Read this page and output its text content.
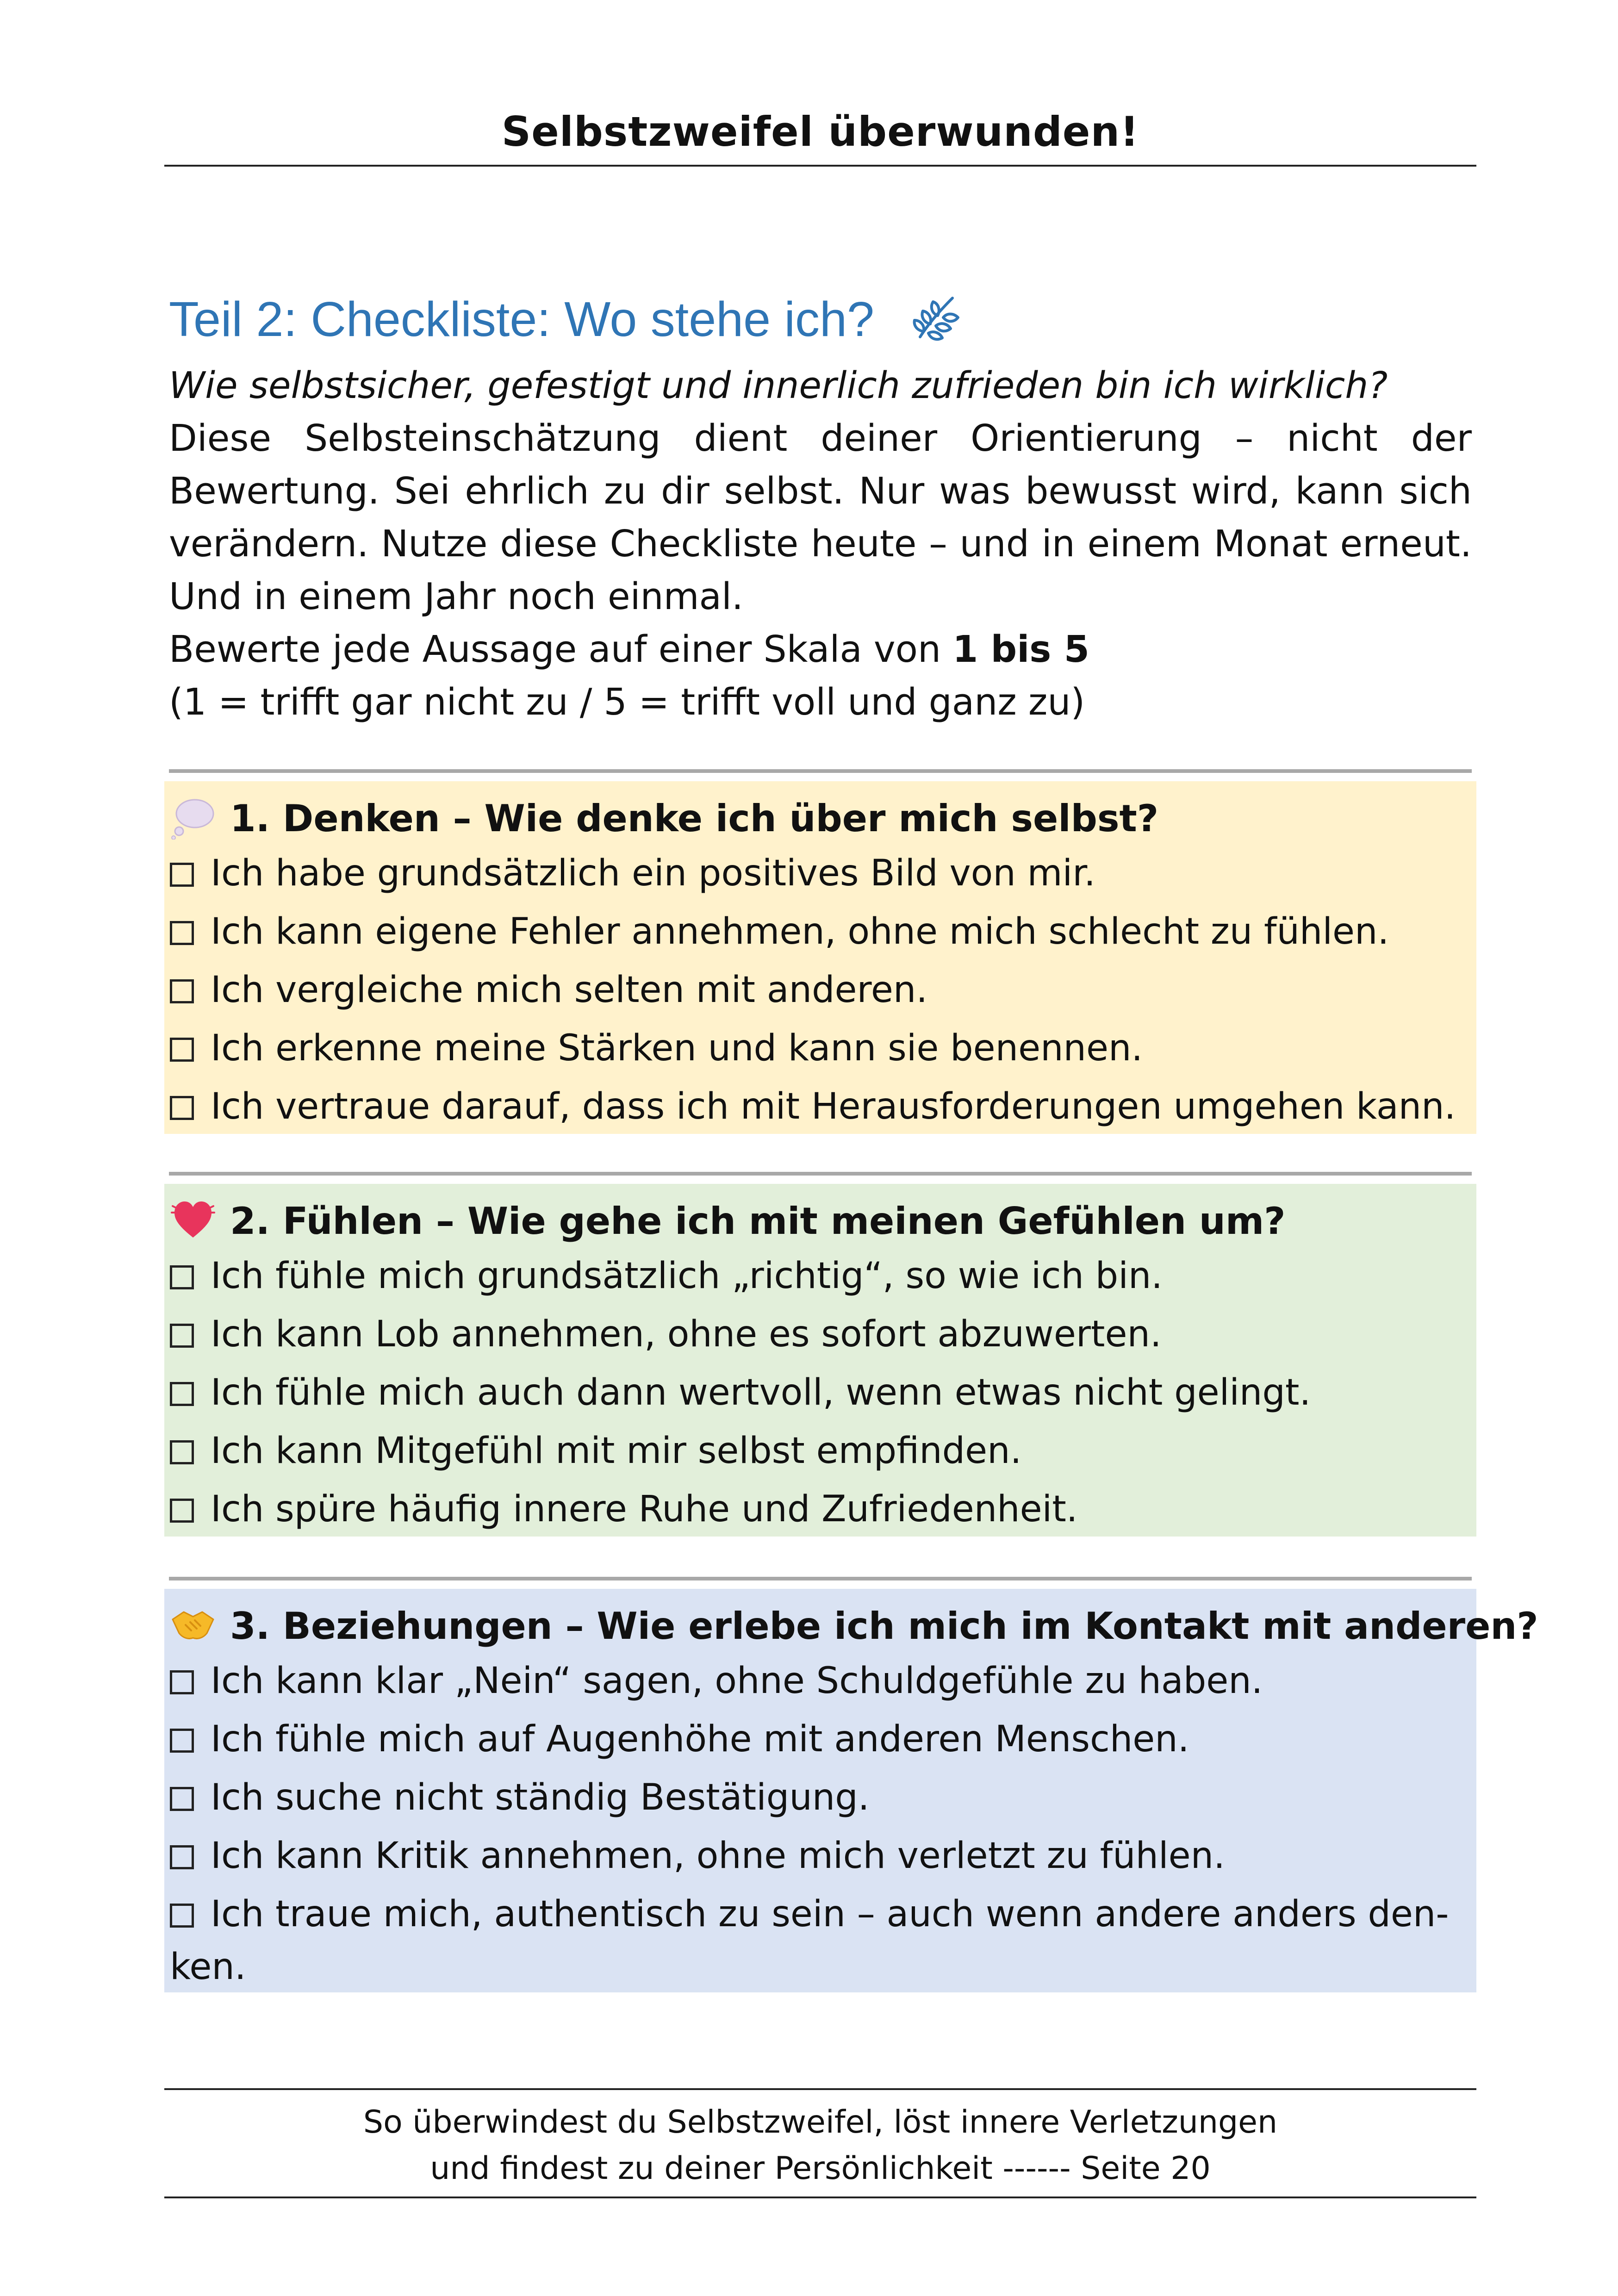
Selbstzweifel überwunden!
Teil 2: Checkliste: Wo stehe ich?
Wie selbstsicher, gefestigt und innerlich zufrieden bin ich wirklich?
Diese Selbsteinschätzung dient deiner Orientierung – nicht der Bewertung. Sei ehrlich zu dir selbst. Nur was bewusst wird, kann sich verändern. Nutze diese Checkliste heute – und in einem Monat erneut. Und in einem Jahr noch einmal.
Bewerte jede Aussage auf einer Skala von 1 bis 5
(1 = trifft gar nicht zu / 5 = trifft voll und ganz zu)
1. Denken – Wie denke ich über mich selbst?
Ich habe grundsätzlich ein positives Bild von mir.
Ich kann eigene Fehler annehmen, ohne mich schlecht zu fühlen.
Ich vergleiche mich selten mit anderen.
Ich erkenne meine Stärken und kann sie benennen.
Ich vertraue darauf, dass ich mit Herausforderungen umgehen kann.
2. Fühlen – Wie gehe ich mit meinen Gefühlen um?
Ich fühle mich grundsätzlich „richtig“, so wie ich bin.
Ich kann Lob annehmen, ohne es sofort abzuwerten.
Ich fühle mich auch dann wertvoll, wenn etwas nicht gelingt.
Ich kann Mitgefühl mit mir selbst empfinden.
Ich spüre häufig innere Ruhe und Zufriedenheit.
3. Beziehungen – Wie erlebe ich mich im Kontakt mit anderen?
Ich kann klar „Nein“ sagen, ohne Schuldgefühle zu haben.
Ich fühle mich auf Augenhöhe mit anderen Menschen.
Ich suche nicht ständig Bestätigung.
Ich kann Kritik annehmen, ohne mich verletzt zu fühlen.
Ich traue mich, authentisch zu sein – auch wenn andere anders den-ken.
So überwindest du Selbstzweifel, löst innere Verletzungen
und findest zu deiner Persönlichkeit ------ Seite 20
